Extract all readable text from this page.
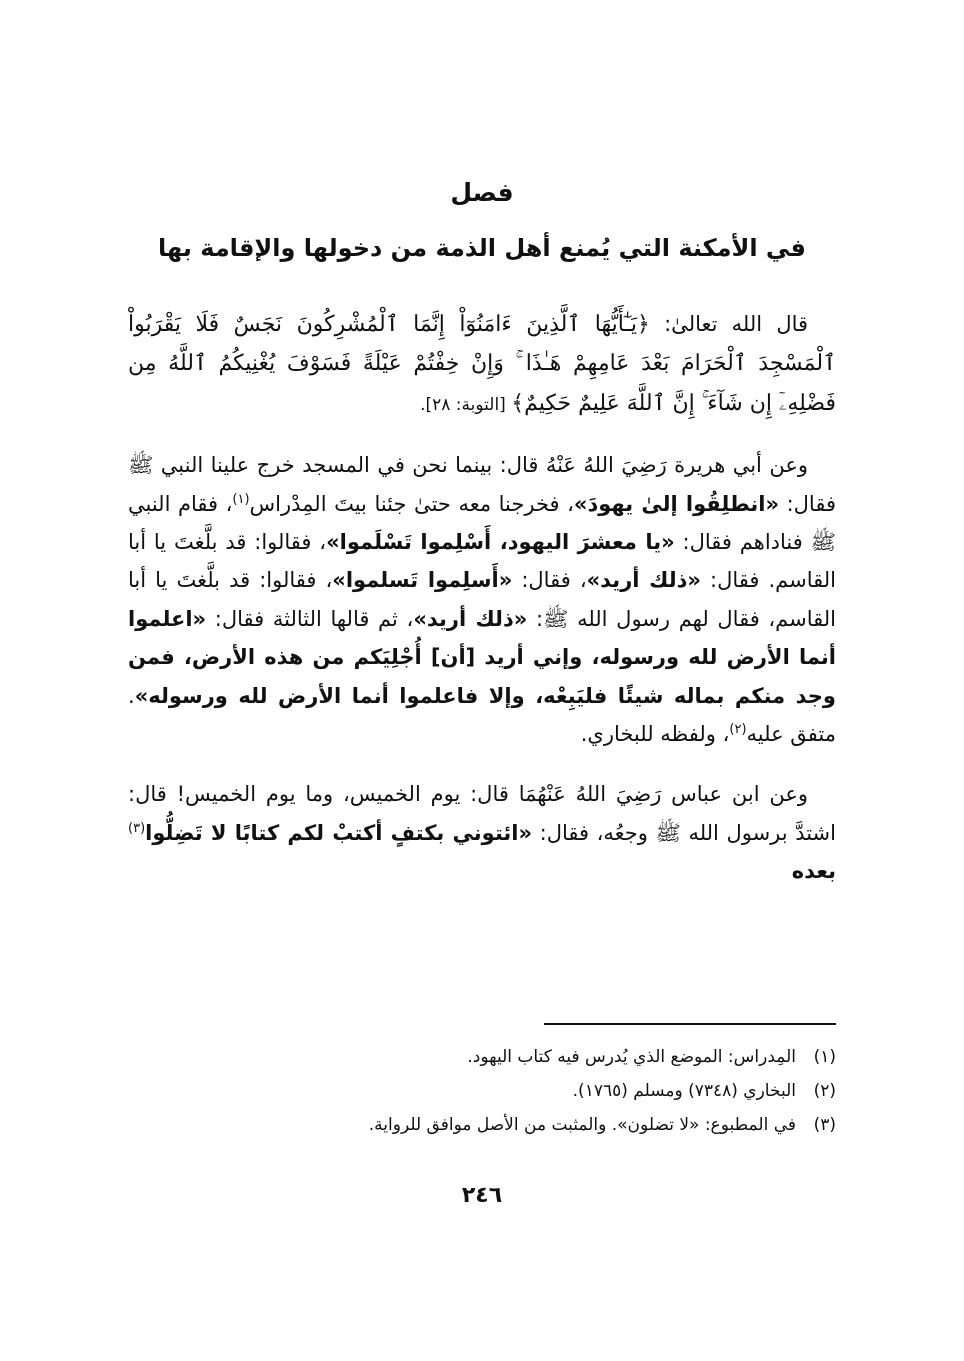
فصل
في الأمكنة التي يُمنع أهل الذمة من دخولها والإقامة بها

قال الله تعالىٰ: ﴿يَـٰٓأَيُّهَا ٱلَّذِينَ ءَامَنُوٓاْ إِنَّمَا ٱلْمُشْرِكُونَ نَجَسٌ فَلَا يَقْرَبُواْ ٱلْمَسْجِدَ ٱلْحَرَامَ بَعْدَ عَامِهِمْ هَـٰذَا ۚ وَإِنْ خِفْتُمْ عَيْلَةً فَسَوْفَ يُغْنِيكُمُ ٱللَّهُ مِن فَضْلِهِۦٓ إِن شَآءَ ۚ إِنَّ ٱللَّهَ عَلِيمٌ حَكِيمٌ﴾ [التوبة: ٢٨].

وعن أبي هريرة رَضِيَ اللهُ عَنْهُ قال: بينما نحن في المسجد خرج علينا النبي ﷺ فقال: «انطلِقُوا إلىٰ يهودَ»، فخرجنا معه حتىٰ جئنا بيتَ المِدْراس$^{(١)}$، فقام النبي ﷺ فناداهم فقال: «يا معشرَ اليهود، أَسْلِموا تَسْلَموا»، فقالوا: قد بلَّغتَ يا أبا القاسم. فقال: «ذلك أريد»، فقال: «أَسلِموا تَسلموا»، فقالوا: قد بلَّغتَ يا أبا القاسم، فقال لهم رسول الله ﷺ: «ذلك أريد»، ثم قالها الثالثة فقال: «اعلموا أنما الأرض لله ورسوله، وإني أريد [أن] أُجْلِيَكم من هذه الأرض، فمن وجد منكم بماله شيئًا فليَبِعْه، وإلا فاعلموا أنما الأرض لله ورسوله». متفق عليه$^{(٢)}$، ولفظه للبخاري.

وعن ابن عباس رَضِيَ اللهُ عَنْهُمَا قال: يوم الخميس، وما يوم الخميس! قال: اشتدَّ برسول الله ﷺ وجعُه، فقال: «ائتوني بكتفٍ أكتبْ لكم كتابًا لا تَضِلُّوا$^{(٣)}$ بعده

(١)المِدراس: الموضع الذي يُدرس فيه كتاب اليهود.

(٢)البخاري (٧٣٤٨) ومسلم (١٧٦٥).

(٣)في المطبوع: «لا تضلون». والمثبت من الأصل موافق للرواية.

٢٤٦
